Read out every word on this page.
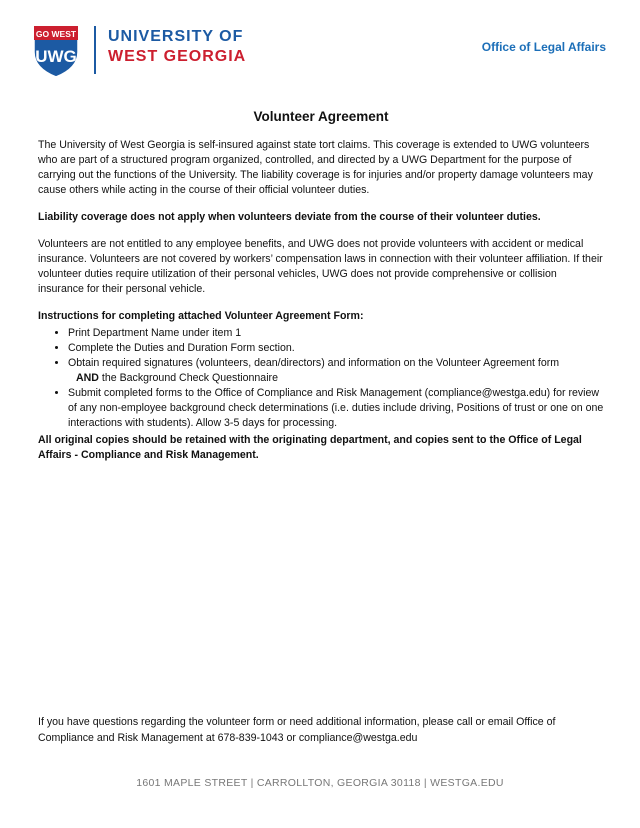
GO WEST
UWG
UNIVERSITY OF
WEST GEORGIA
Office of Legal Affairs
Volunteer Agreement

The University of West Georgia is self-insured against state tort claims. This coverage is extended to UWG volunteers who are part of a structured program organized, controlled, and directed by a UWG Department for the purpose of carrying out the functions of the University. The liability coverage is for injuries and/or property damage volunteers may cause others while acting in the course of their official volunteer duties.

Liability coverage does not apply when volunteers deviate from the course of their volunteer duties.

Volunteers are not entitled to any employee benefits, and UWG does not provide volunteers with accident or medical insurance. Volunteers are not covered by workers’ compensation laws in connection with their volunteer affiliation. If their volunteer duties require utilization of their personal vehicles, UWG does not provide comprehensive or collision insurance for their personal vehicle.

Instructions for completing attached Volunteer Agreement Form:
• Print Department Name under item 1
• Complete the Duties and Duration Form section.
• Obtain required signatures (volunteers, dean/directors) and information on the Volunteer Agreement form
AND the Background Check Questionnaire
• Submit completed forms to the Office of Compliance and Risk Management (compliance@westga.edu) for review of any non-employee background check determinations (i.e. duties include driving, Positions of trust or one on one interactions with students). Allow 3-5 days for processing.

All original copies should be retained with the originating department, and copies sent to the Office of Legal Affairs - Compliance and Risk Management.

If you have questions regarding the volunteer form or need additional information, please call or email Office of Compliance and Risk Management at 678-839-1043 or compliance@westga.edu
1601 MAPLE STREET | CARROLLTON, GEORGIA 30118 | WESTGA.EDU
